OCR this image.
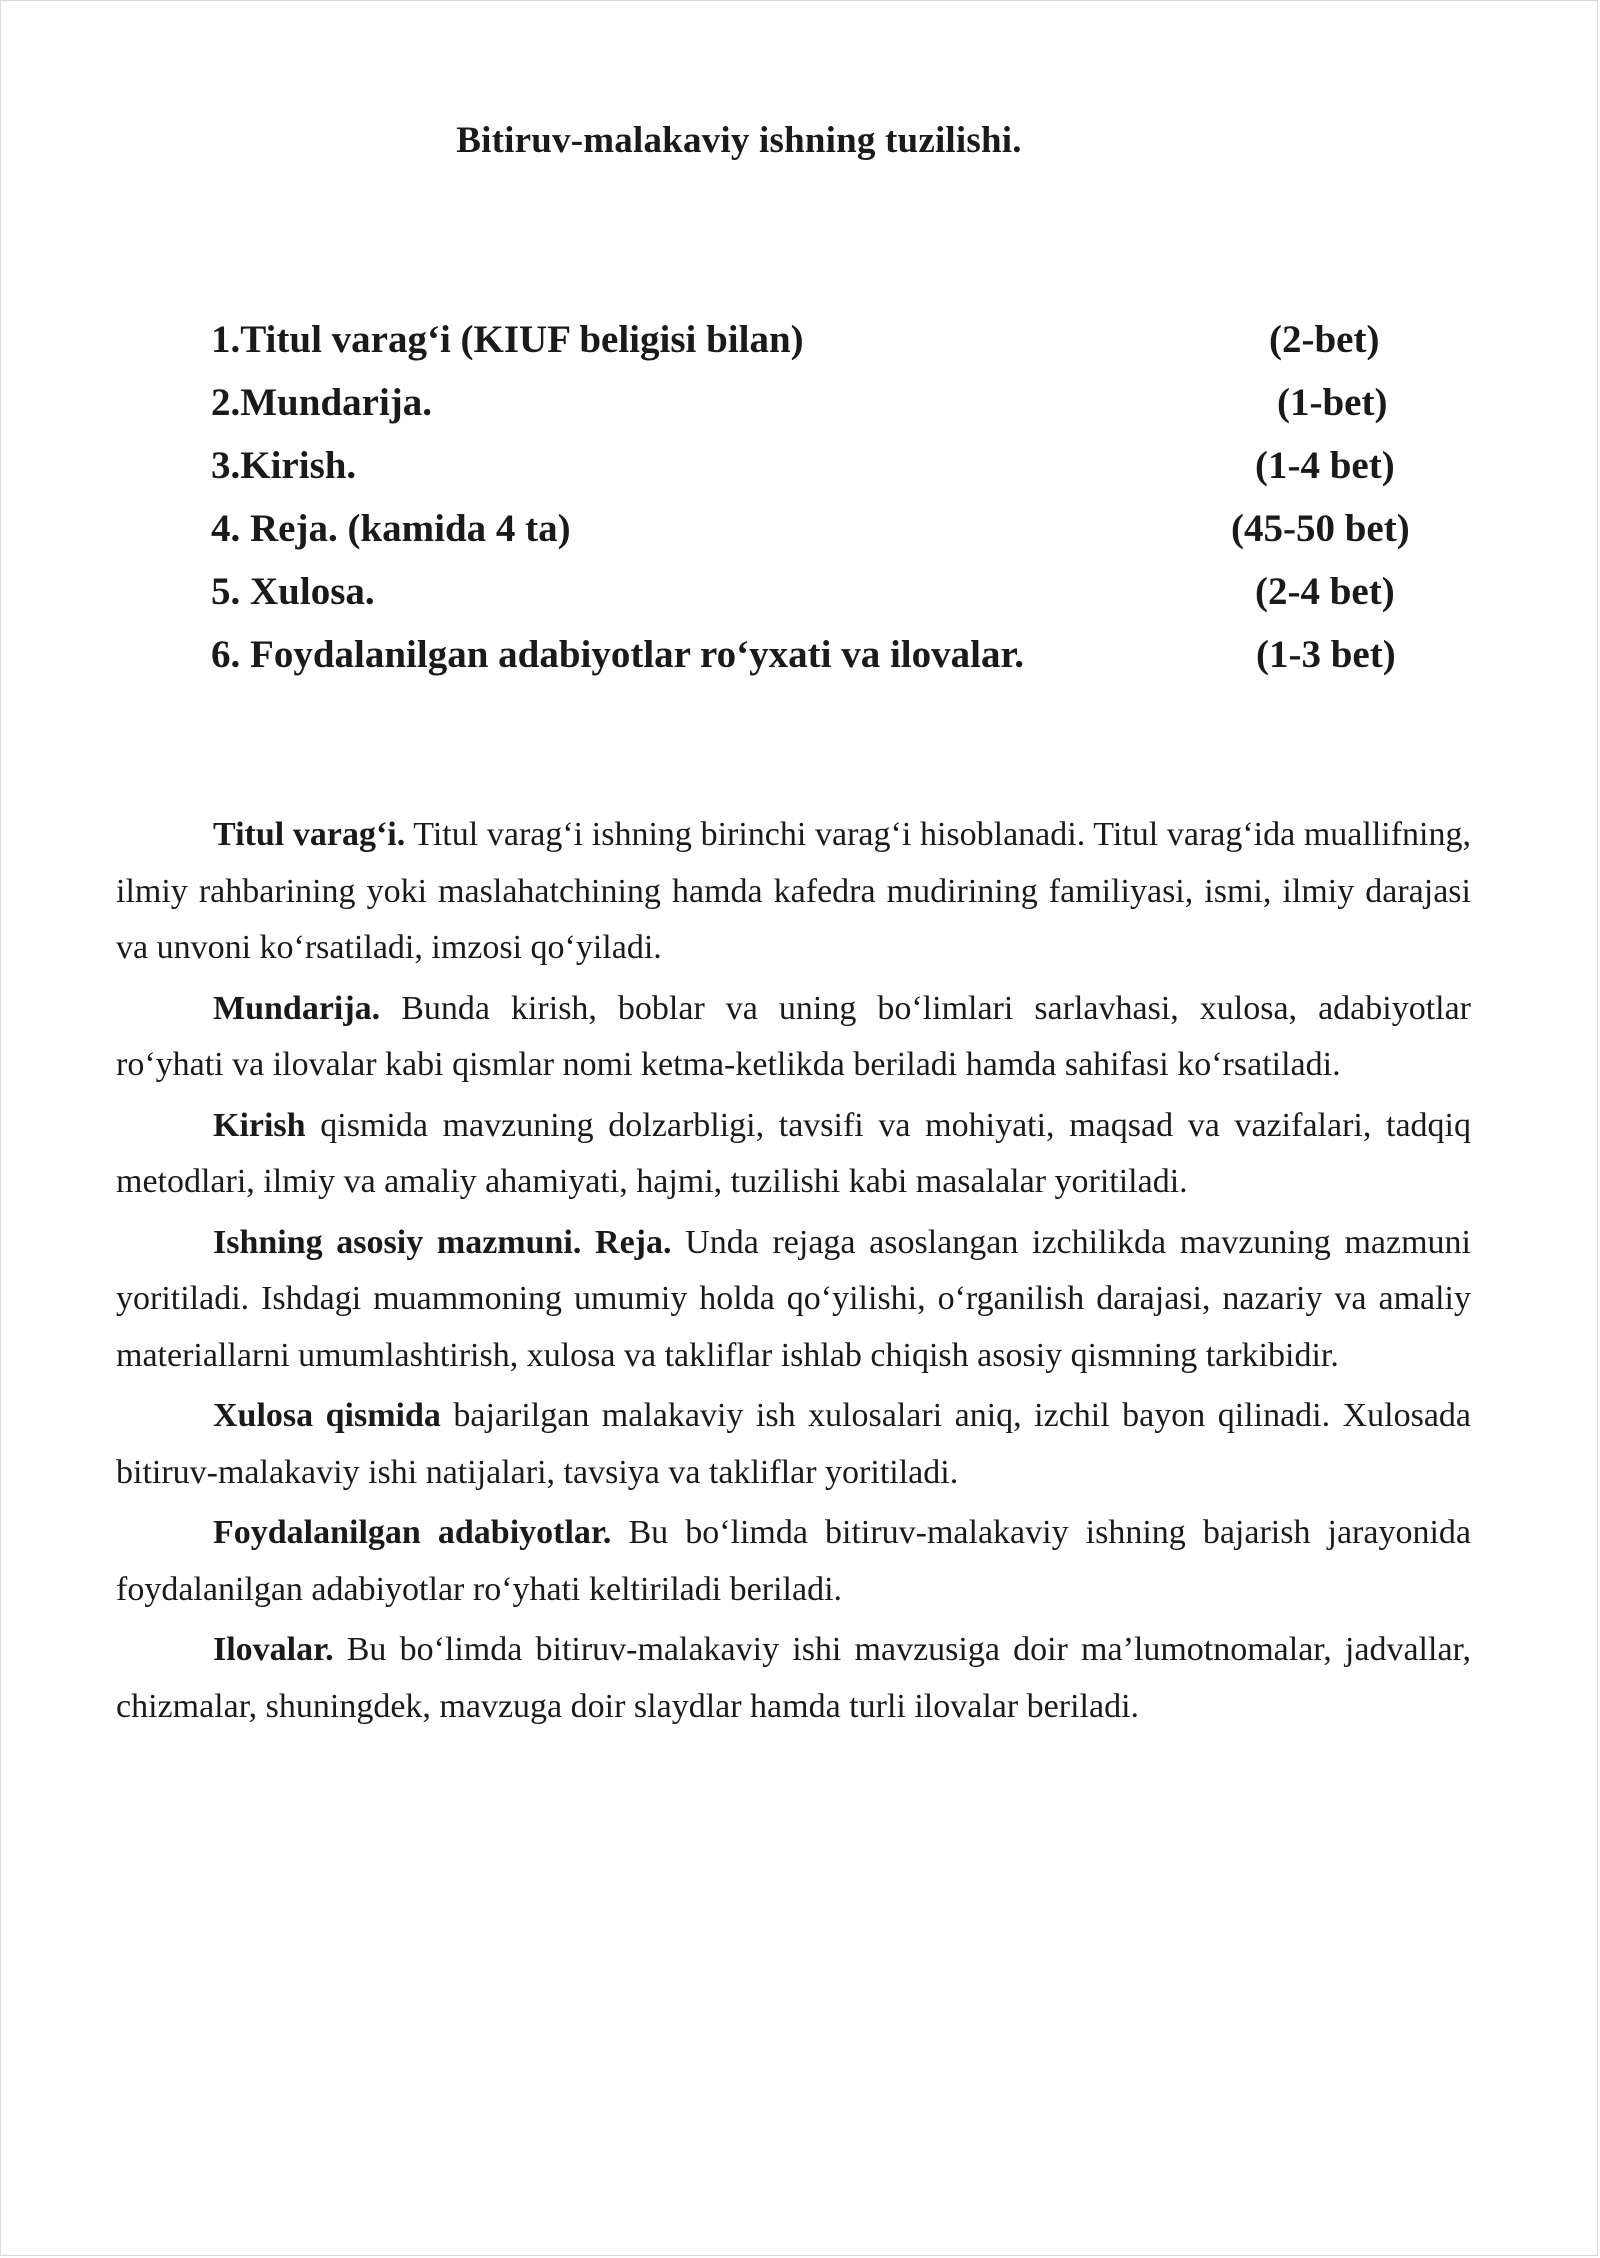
Bitiruv-malakaviy ishning tuzilishi.
1.Titul varag‘i (KIUF beligisi bilan)	(2-bet)
2.Mundarija.	(1-bet)
3.Kirish.	(1-4 bet)
4. Reja. (kamida 4 ta)	(45-50 bet)
5. Xulosa.	(2-4 bet)
6. Foydalanilgan adabiyotlar ro‘yxati va ilovalar.	(1-3 bet)

Titul varag‘i. Titul varag‘i ishning birinchi varag‘i hisoblanadi. Titul varag‘ida muallifning, ilmiy rahbarining yoki maslahatchining hamda kafedra mudirining familiyasi, ismi, ilmiy darajasi va unvoni ko‘rsatiladi, imzosi qo‘yiladi.

Mundarija. Bunda kirish, boblar va uning bo‘limlari sarlavhasi, xulosa, adabiyotlar ro‘yhati va ilovalar kabi qismlar nomi ketma-ketlikda beriladi hamda sahifasi ko‘rsatiladi.

Kirish qismida mavzuning dolzarbligi, tavsifi va mohiyati, maqsad va vazifalari, tadqiq metodlari, ilmiy va amaliy ahamiyati, hajmi, tuzilishi kabi masalalar yoritiladi.

Ishning asosiy mazmuni. Reja. Unda rejaga asoslangan izchilikda mavzuning mazmuni yoritiladi. Ishdagi muammoning umumiy holda qo‘yilishi, o‘rganilish darajasi, nazariy va amaliy materiallarni umumlashtirish, xulosa va takliflar ishlab chiqish asosiy qismning tarkibidir.

Xulosa qismida bajarilgan malakaviy ish xulosalari aniq, izchil bayon qilinadi. Xulosada bitiruv-malakaviy ishi natijalari, tavsiya va takliflar yoritiladi.

Foydalanilgan adabiyotlar. Bu bo‘limda bitiruv-malakaviy ishning bajarish jarayonida foydalanilgan adabiyotlar ro‘yhati keltiriladi beriladi.

Ilovalar. Bu bo‘limda bitiruv-malakaviy ishi mavzusiga doir ma’lumotnomalar, jadvallar, chizmalar, shuningdek, mavzuga doir slaydlar hamda turli ilovalar beriladi.
